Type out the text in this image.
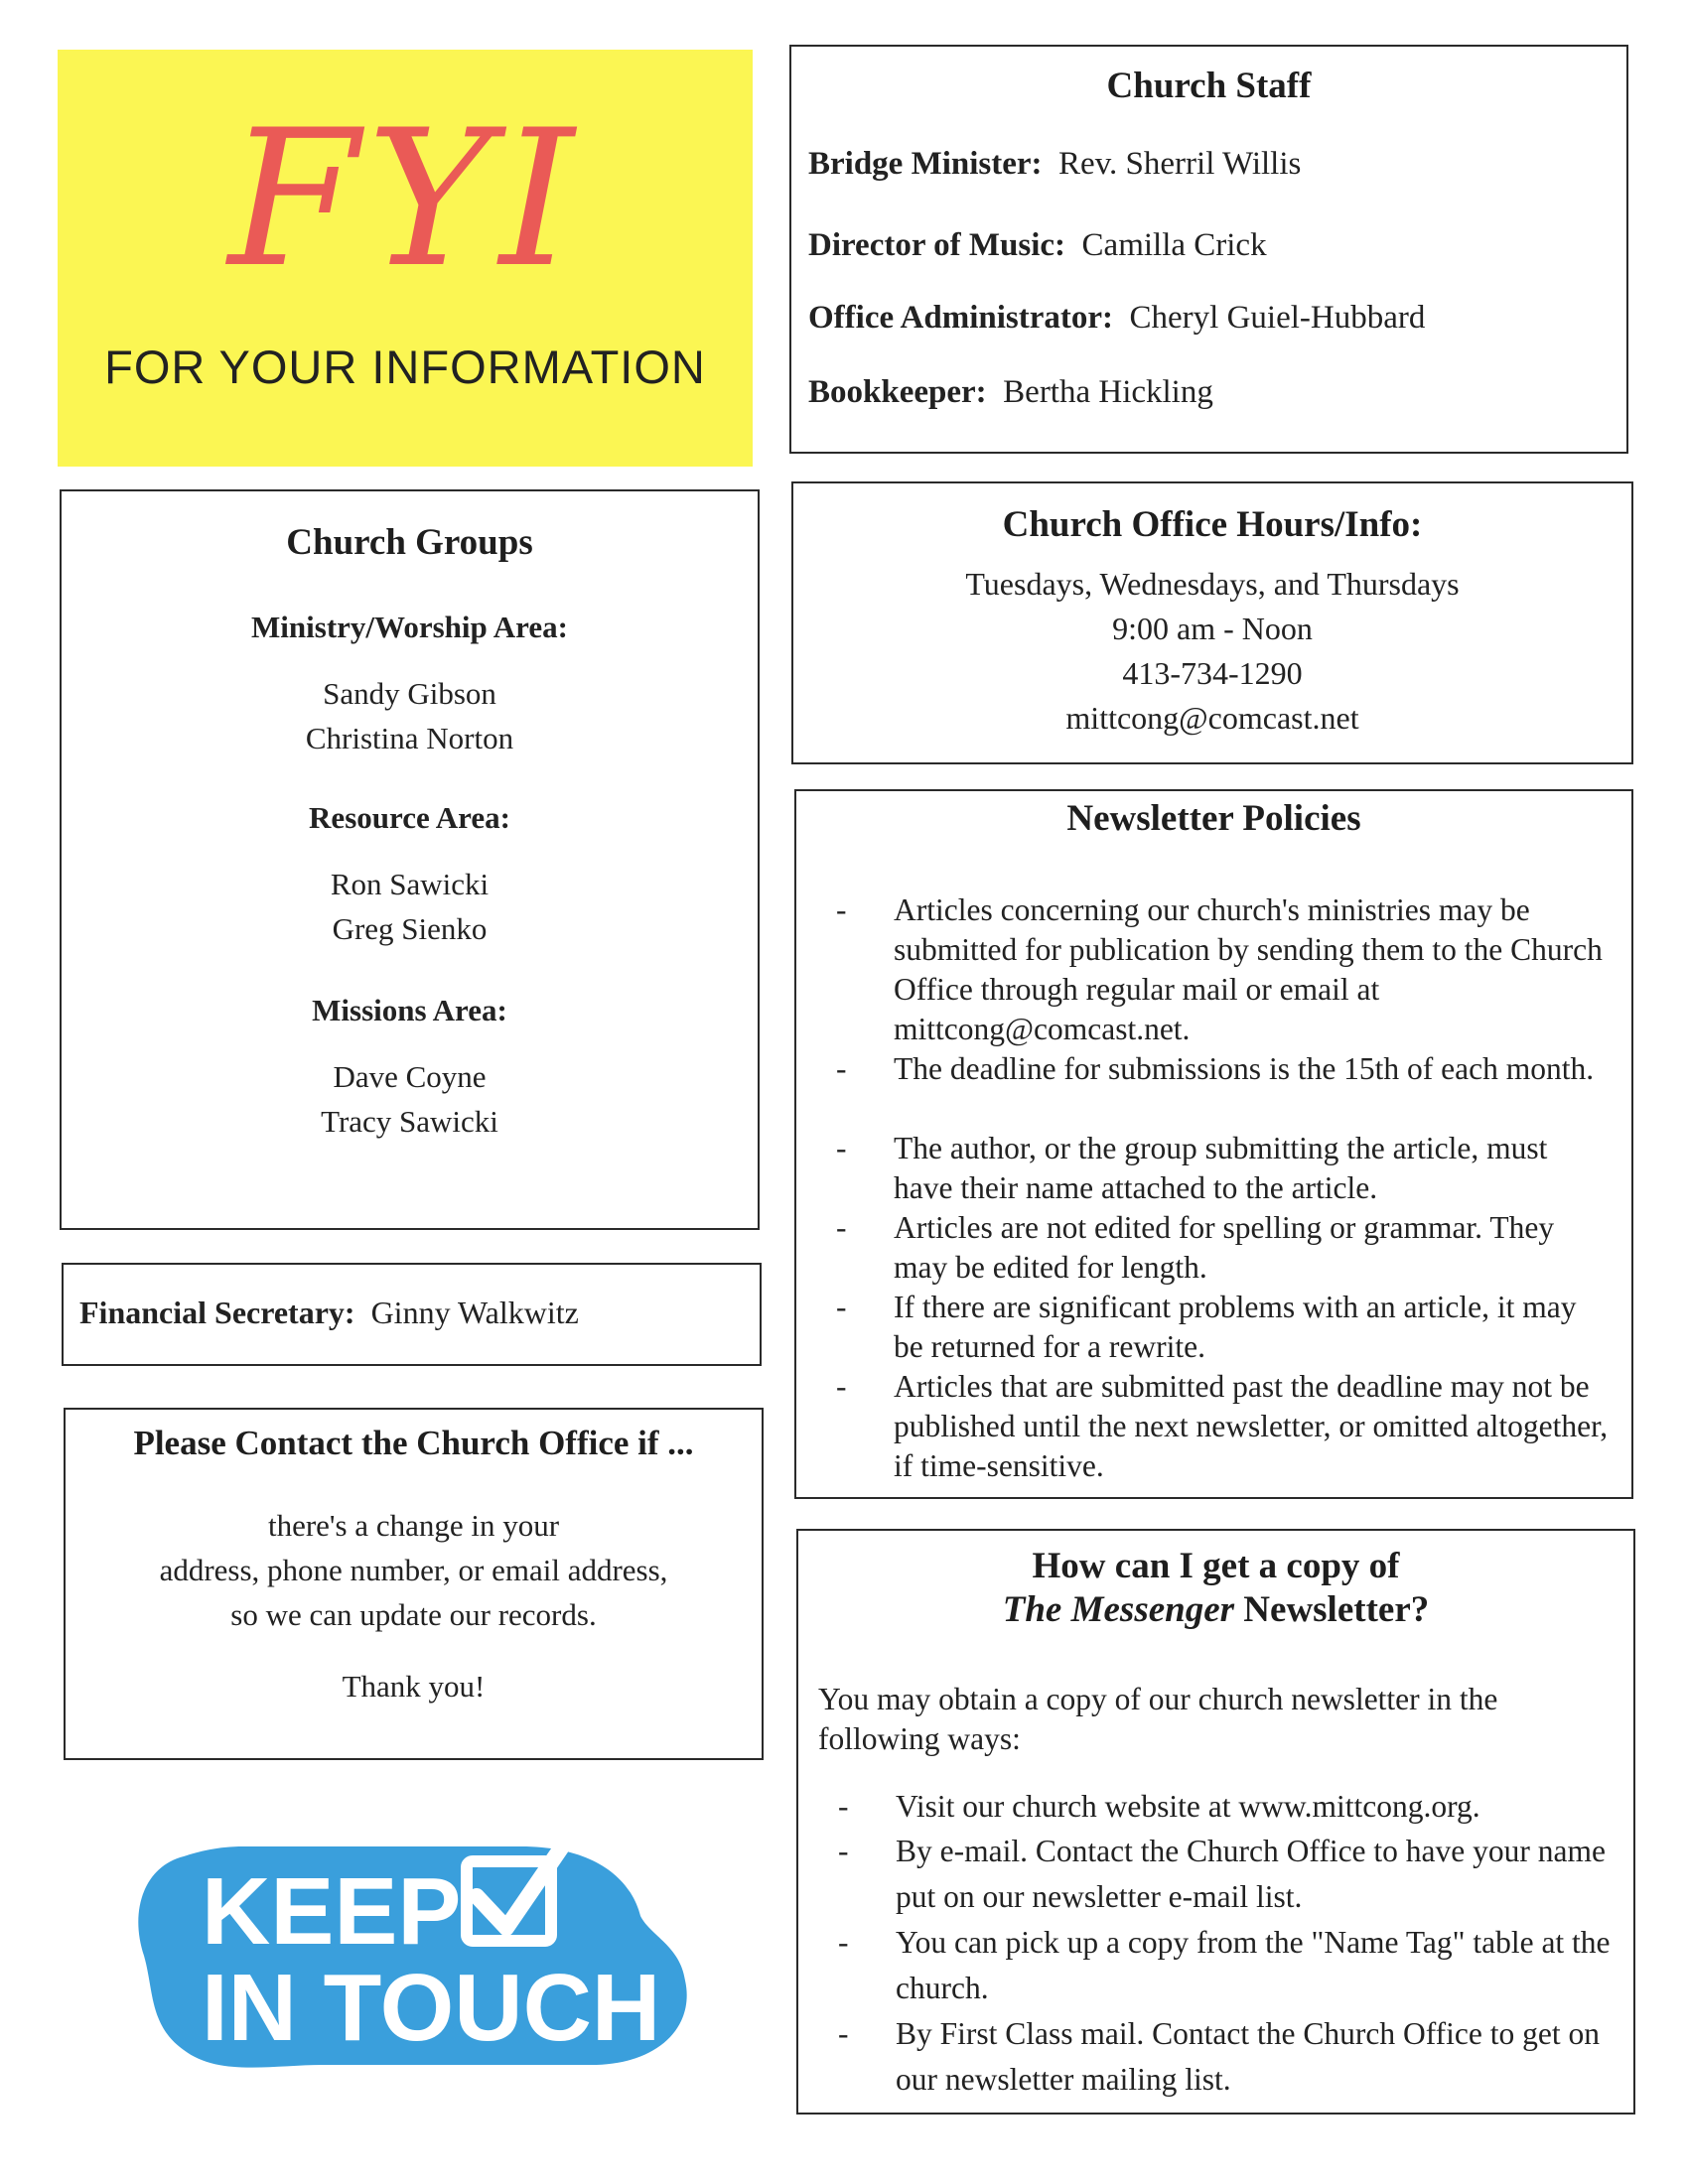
FYI
FOR YOUR INFORMATION
Church Staff
Bridge Minister: Rev. Sherril Willis
Director of Music: Camilla Crick
Office Administrator: Cheryl Guiel-Hubbard
Bookkeeper: Bertha Hickling
Church Groups
Ministry/Worship Area:
Sandy Gibson
Christina Norton
Resource Area:
Ron Sawicki
Greg Sienko
Missions Area:
Dave Coyne
Tracy Sawicki
Church Office Hours/Info:
Tuesdays, Wednesdays, and Thursdays
9:00 am - Noon
413-734-1290
mittcong@comcast.net
Newsletter Policies
- Articles concerning our church's ministries may be submitted for publication by sending them to the Church Office through regular mail or email at mittcong@comcast.net.
- The deadline for submissions is the 15th of each month.
- The author, or the group submitting the article, must have their name attached to the article.
- Articles are not edited for spelling or grammar. They may be edited for length.
- If there are significant problems with an article, it may be returned for a rewrite.
- Articles that are submitted past the deadline may not be published until the next newsletter, or omitted altogether, if time-sensitive.
Financial Secretary: Ginny Walkwitz
Please Contact the Church Office if ...
there's a change in your
address, phone number, or email address,
so we can update our records.
Thank you!
How can I get a copy of
The Messenger Newsletter?
You may obtain a copy of our church newsletter in the following ways:
- Visit our church website at www.mittcong.org.
- By e-mail. Contact the Church Office to have your name put on our newsletter e-mail list.
- You can pick up a copy from the "Name Tag" table at the church.
- By First Class mail. Contact the Church Office to get on our newsletter mailing list.
KEEP
IN TOUCH
